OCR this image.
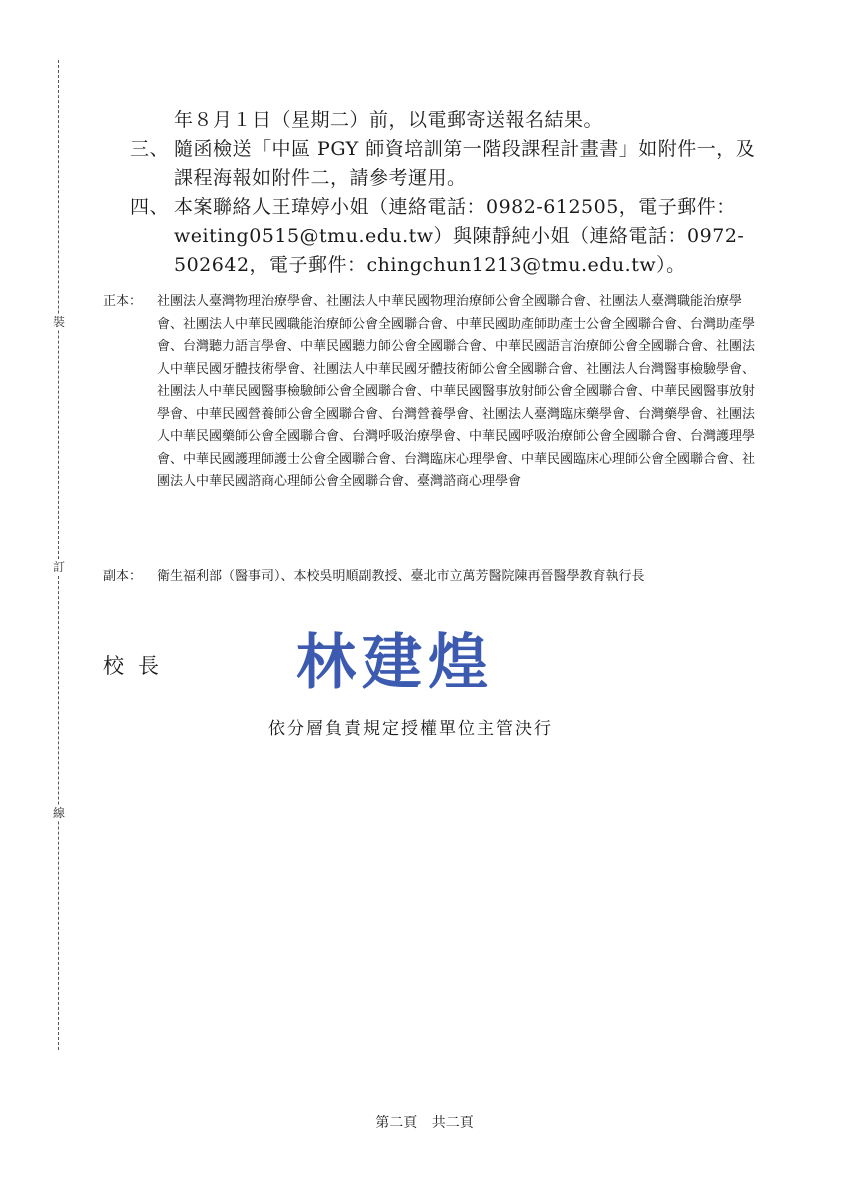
裝
訂
線
年８月１日（星期二）前，以電郵寄送報名結果。
三、 隨函檢送「中區 PGY 師資培訓第一階段課程計畫書」如附件一，及課程海報如附件二，請參考運用。
四、 本案聯絡人王瑋婷小姐（連絡電話：0982-612505，電子郵件：weiting0515@tmu.edu.tw）與陳靜純小姐（連絡電話：0972-502642，電子郵件：chingchun1213@tmu.edu.tw）。
正本：	社團法人臺灣物理治療學會、社團法人中華民國物理治療師公會全國聯合會、社團法人臺灣職能治療學會、社團法人中華民國職能治療師公會全國聯合會、中華民國助產師助產士公會全國聯合會、台灣助產學會、台灣聽力語言學會、中華民國聽力師公會全國聯合會、中華民國語言治療師公會全國聯合會、社團法人中華民國牙體技術學會、社團法人中華民國牙體技術師公會全國聯合會、社團法人台灣醫事檢驗學會、社團法人中華民國醫事檢驗師公會全國聯合會、中華民國醫事放射師公會全國聯合會、中華民國醫事放射學會、中華民國營養師公會全國聯合會、台灣營養學會、社團法人臺灣臨床藥學會、台灣藥學會、社團法人中華民國藥師公會全國聯合會、台灣呼吸治療學會、中華民國呼吸治療師公會全國聯合會、台灣護理學會、中華民國護理師護士公會全國聯合會、台灣臨床心理學會、中華民國臨床心理師公會全國聯合會、社團法人中華民國諮商心理師公會全國聯合會、臺灣諮商心理學會
副本：	衛生福利部（醫事司）、本校吳明順副教授、臺北市立萬芳醫院陳再晉醫學教育執行長
校長 林建煌
依分層負責規定授權單位主管決行
第二頁 共二頁
